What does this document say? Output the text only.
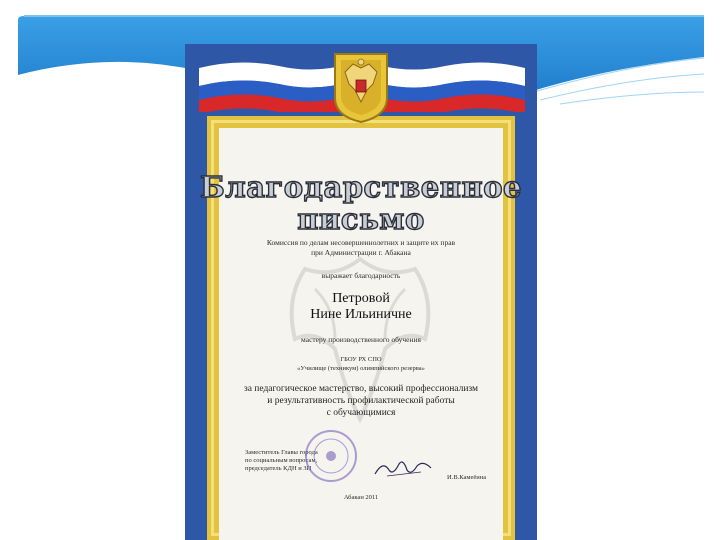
Благодарственное
письмо
Комиссия по делам несовершеннолетних и защите их прав
при Администрации г. Абакана
выражает благодарность
Петровой
Нине Ильиничне
мастеру производственного обучения
ГБОУ РХ СПО
«Училище (техникум) олимпийского резерва»
за педагогическое мастерство, высокий профессионализм
и результативность профилактической работы
с обучающимися
Заместитель Главы города
по социальным вопросам,
председатель КДН и ЗП
И.В.Камеёина
Абакан 2011
